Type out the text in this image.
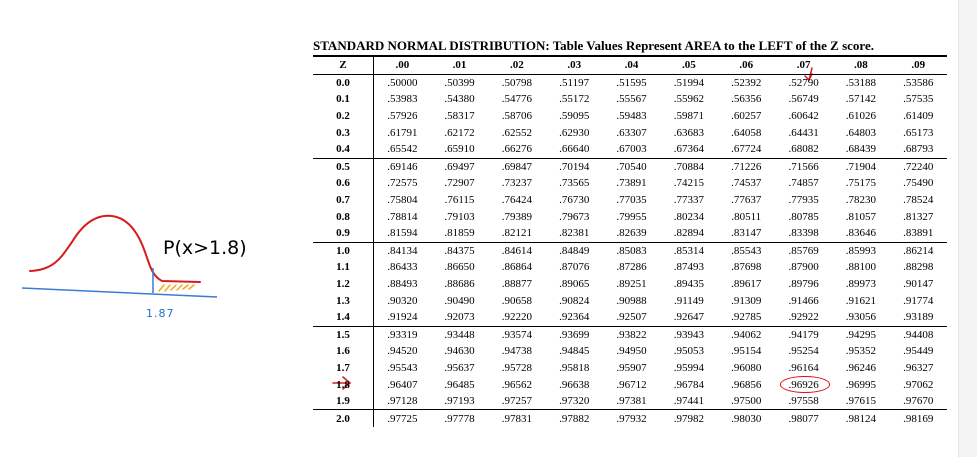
P(x>1.8)
1.87
STANDARD NORMAL DISTRIBUTION: Table Values Represent AREA to the LEFT of the Z score.
Z	.00	.01	.02	.03	.04	.05	.06	.07	.08	.09
0.0	.50000	.50399	.50798	.51197	.51595	.51994	.52392	.52790	.53188	.53586
0.1	.53983	.54380	.54776	.55172	.55567	.55962	.56356	.56749	.57142	.57535
0.2	.57926	.58317	.58706	.59095	.59483	.59871	.60257	.60642	.61026	.61409
0.3	.61791	.62172	.62552	.62930	.63307	.63683	.64058	.64431	.64803	.65173
0.4	.65542	.65910	.66276	.66640	.67003	.67364	.67724	.68082	.68439	.68793
0.5	.69146	.69497	.69847	.70194	.70540	.70884	.71226	.71566	.71904	.72240
0.6	.72575	.72907	.73237	.73565	.73891	.74215	.74537	.74857	.75175	.75490
0.7	.75804	.76115	.76424	.76730	.77035	.77337	.77637	.77935	.78230	.78524
0.8	.78814	.79103	.79389	.79673	.79955	.80234	.80511	.80785	.81057	.81327
0.9	.81594	.81859	.82121	.82381	.82639	.82894	.83147	.83398	.83646	.83891
1.0	.84134	.84375	.84614	.84849	.85083	.85314	.85543	.85769	.85993	.86214
1.1	.86433	.86650	.86864	.87076	.87286	.87493	.87698	.87900	.88100	.88298
1.2	.88493	.88686	.88877	.89065	.89251	.89435	.89617	.89796	.89973	.90147
1.3	.90320	.90490	.90658	.90824	.90988	.91149	.91309	.91466	.91621	.91774
1.4	.91924	.92073	.92220	.92364	.92507	.92647	.92785	.92922	.93056	.93189
1.5	.93319	.93448	.93574	.93699	.93822	.93943	.94062	.94179	.94295	.94408
1.6	.94520	.94630	.94738	.94845	.94950	.95053	.95154	.95254	.95352	.95449
1.7	.95543	.95637	.95728	.95818	.95907	.95994	.96080	.96164	.96246	.96327
1.8	.96407	.96485	.96562	.96638	.96712	.96784	.96856	.96926	.96995	.97062
1.9	.97128	.97193	.97257	.97320	.97381	.97441	.97500	.97558	.97615	.97670
2.0	.97725	.97778	.97831	.97882	.97932	.97982	.98030	.98077	.98124	.98169
